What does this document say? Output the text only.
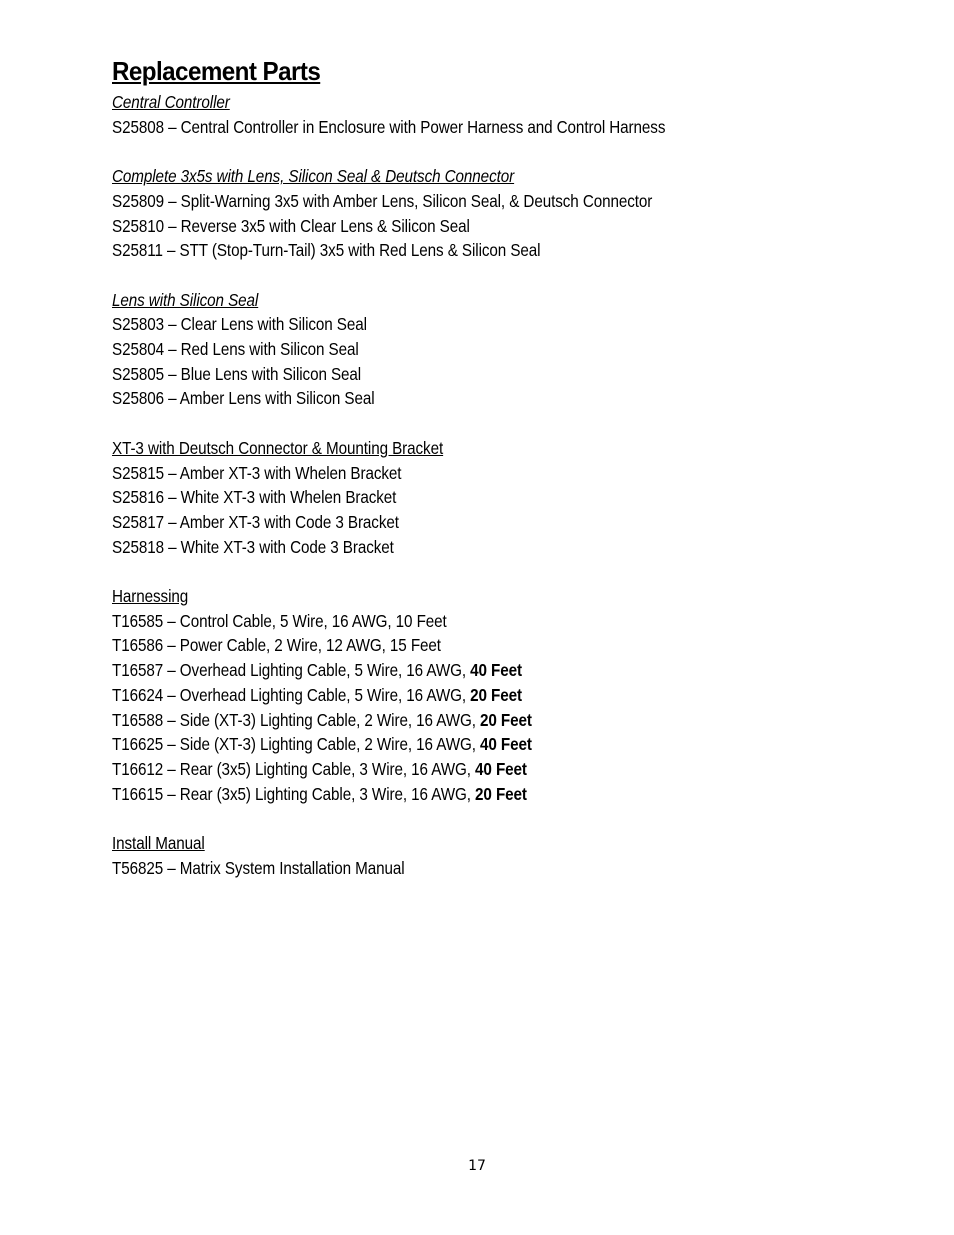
Replacement Parts
Central Controller
S25808 – Central Controller in Enclosure with Power Harness and Control Harness
Complete 3x5s with Lens, Silicon Seal & Deutsch Connector
S25809 – Split-Warning 3x5 with Amber Lens, Silicon Seal, & Deutsch Connector
S25810 – Reverse 3x5 with Clear Lens & Silicon Seal
S25811 – STT (Stop-Turn-Tail) 3x5 with Red Lens & Silicon Seal
Lens with Silicon Seal
S25803 – Clear Lens with Silicon Seal
S25804 – Red Lens with Silicon Seal
S25805 – Blue Lens with Silicon Seal
S25806 – Amber Lens with Silicon Seal
XT-3 with Deutsch Connector & Mounting Bracket
S25815 – Amber XT-3 with Whelen Bracket
S25816 – White XT-3 with Whelen Bracket
S25817 – Amber XT-3 with Code 3 Bracket
S25818 – White XT-3 with Code 3 Bracket
Harnessing
T16585 – Control Cable, 5 Wire, 16 AWG, 10 Feet
T16586 – Power Cable, 2 Wire, 12 AWG, 15 Feet
T16587 – Overhead Lighting Cable, 5 Wire, 16 AWG, 40 Feet
T16624 – Overhead Lighting Cable, 5 Wire, 16 AWG, 20 Feet
T16588 – Side (XT-3) Lighting Cable, 2 Wire, 16 AWG, 20 Feet
T16625 – Side (XT-3) Lighting Cable, 2 Wire, 16 AWG, 40 Feet
T16612 – Rear (3x5) Lighting Cable, 3 Wire, 16 AWG, 40 Feet
T16615 – Rear (3x5) Lighting Cable, 3 Wire, 16 AWG, 20 Feet
Install Manual
T56825 – Matrix System Installation Manual
17
